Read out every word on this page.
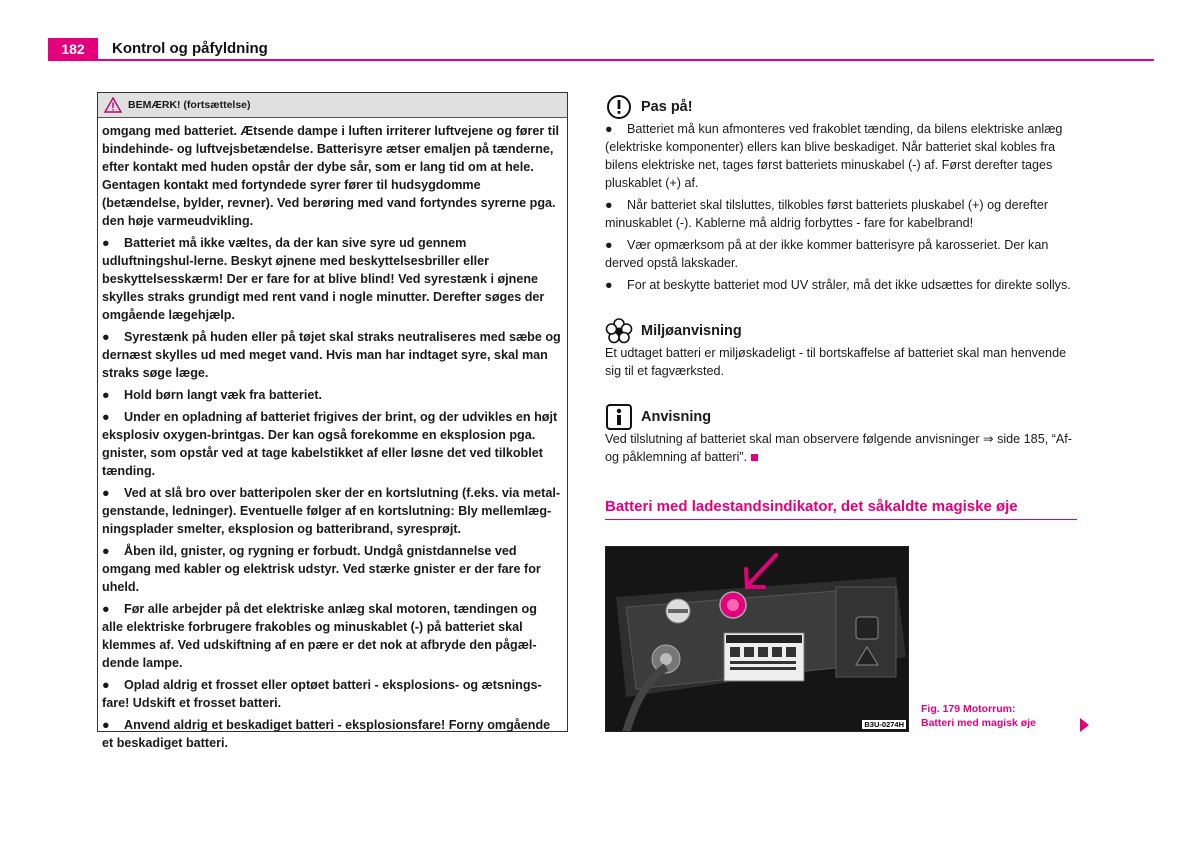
182	Kontrol og påfyldning
BEMÆRK! (fortsættelse)

omgang med batteriet. Ætsende dampe i luften irriterer luftvejene og fører til bindehinde- og luftvejsbetændelse. Batterisyre ætser emaljen på tænderne, efter kontakt med huden opstår der dybe sår, som er lang tid om at hele. Gentagen kontakt med fortyndede syrer fører til hudsygdomme (betændelse, bylder, revner). Ved berøring med vand fortyndes syrerne pga. den høje varmeudvikling.

● Batteriet må ikke væltes, da der kan sive syre ud gennem udluftningshul-lerne. Beskyt øjnene med beskyttelsesbriller eller beskyttelsesskærm! Der er fare for at blive blind! Ved syrestænk i øjnene skylles straks grundigt med rent vand i nogle minutter. Derefter søges der omgående lægehjælp.

● Syrestænk på huden eller på tøjet skal straks neutraliseres med sæbe og dernæst skylles ud med meget vand. Hvis man har indtaget syre, skal man straks søge læge.

● Hold børn langt væk fra batteriet.

● Under en opladning af batteriet frigives der brint, og der udvikles en højt eksplosiv oxygen-brintgas. Der kan også forekomme en eksplosion pga. gnister, som opstår ved at tage kabelstikket af eller løsne det ved tilkoblet tænding.

● Ved at slå bro over batteripolen sker der en kortslutning (f.eks. via metal-genstande, ledninger). Eventuelle følger af en kortslutning: Bly mellemlæg-ningsplader smelter, eksplosion og batteribrand, syresprøjt.

● Åben ild, gnister, og rygning er forbudt. Undgå gnistdannelse ved omgang med kabler og elektrisk udstyr. Ved stærke gnister er der fare for uheld.

● Før alle arbejder på det elektriske anlæg skal motoren, tændingen og alle elektriske forbrugere frakobles og minuskablet (-) på batteriet skal klemmes af. Ved udskiftning af en pære er det nok at afbryde den pågæl-dende lampe.

● Oplad aldrig et frosset eller optøet batteri - eksplosions- og ætsnings-fare! Udskift et frosset batteri.

● Anvend aldrig et beskadiget batteri - eksplosionsfare! Forny omgående et beskadiget batteri.

Pas på!

● Batteriet må kun afmonteres ved frakoblet tænding, da bilens elektriske anlæg (elektriske komponenter) ellers kan blive beskadiget. Når batteriet skal kobles fra bilens elektriske net, tages først batteriets minuskabel (-) af. Først derefter tages pluskablet (+) af.

● Når batteriet skal tilsluttes, tilkobles først batteriets pluskabel (+) og derefter minuskablet (-). Kablerne må aldrig forbyttes - fare for kabelbrand!

● Vær opmærksom på at der ikke kommer batterisyre på karosseriet. Der kan derved opstå lakskader.

● For at beskytte batteriet mod UV stråler, må det ikke udsættes for direkte sollys.

Miljøanvisning

Et udtaget batteri er miljøskadeligt - til bortskaffelse af batteriet skal man henvende sig til et fagværksted.

Anvisning

Ved tilslutning af batteriet skal man observere følgende anvisninger ⇒ side 185, “Af- og påklemning af batteri”.

Batteri med ladestandsindikator, det såkaldte magiske øje
B3U-0274H
Fig. 179 Motorrum:
Batteri med magisk øje
